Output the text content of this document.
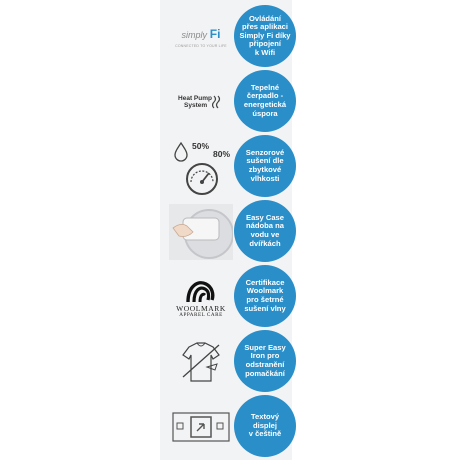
simply Fi
CONNECTED TO YOUR LIFE
Ovládání
přes aplikaci
Simply Fi díky
připojení
k Wifi
Heat Pump
System
Tepelné
čerpadlo -
energetická
úspora
50%
80% Senzorové
sušení dle
zbytkové
vlhkosti
Easy Case
nádoba na
vodu ve
dvířkách
WOOLMARK
APPAREL CARE
Certifikace
Woolmark
pro šetrné
sušení vlny
Super Easy
Iron pro
odstranění
pomačkání
Textový
displej
v češtině
